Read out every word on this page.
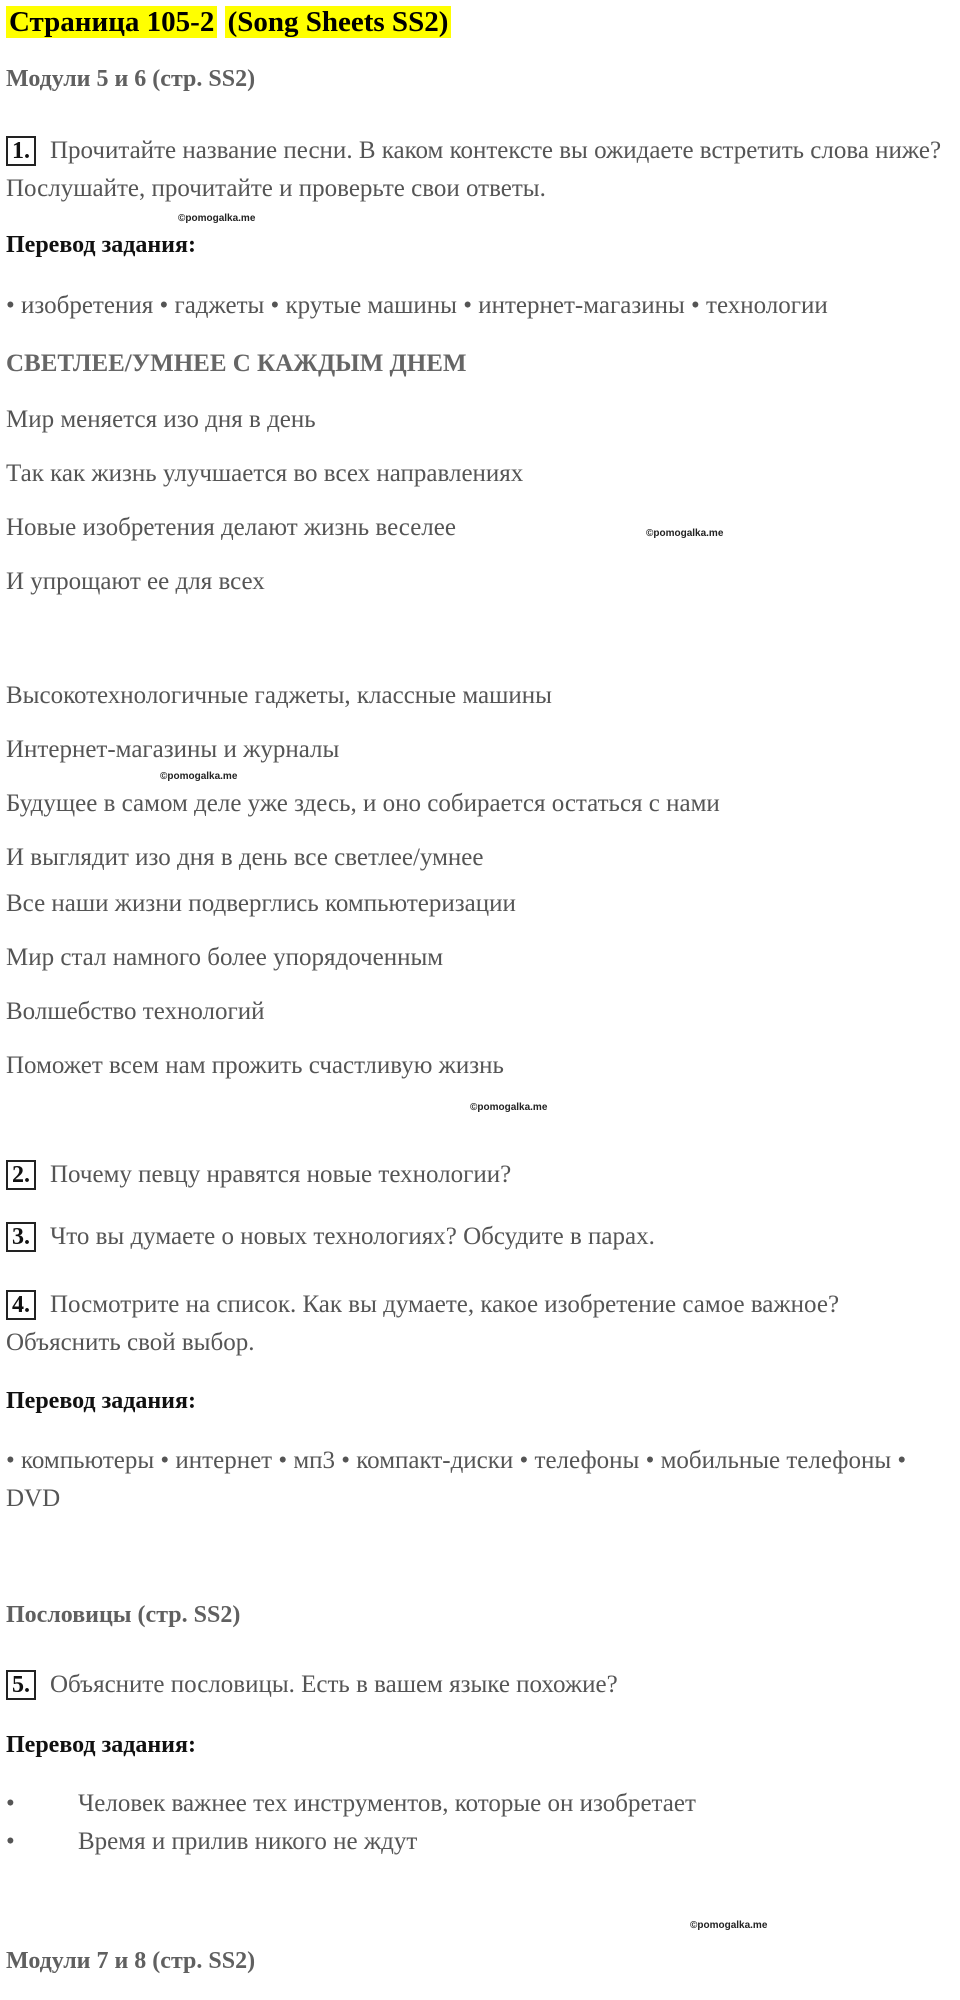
Страница 105-2 (Song Sheets SS2)
Модули 5 и 6 (стр. SS2)
1. Прочитайте название песни. В каком контексте вы ожидаете встретить слова ниже? Послушайте, прочитайте и проверьте свои ответы.
©pomogalka.me
Перевод задания:
• изобретения • гаджеты • крутые машины • интернет-магазины • технологии
СВЕТЛЕЕ/УМНЕЕ С КАЖДЫМ ДНЕМ
Мир меняется изо дня в день
Так как жизнь улучшается во всех направлениях
Новые изобретения делают жизнь веселее	©pomogalka.me
И упрощают ее для всех
Высокотехнологичные гаджеты, классные машины
Интернет-магазины и журналы
©pomogalka.me
Будущее в самом деле уже здесь, и оно собирается остаться с нами
И выглядит изо дня в день все светлее/умнее
Все наши жизни подверглись компьютеризации
Мир стал намного более упорядоченным
Волшебство технологий
Поможет всем нам прожить счастливую жизнь
©pomogalka.me
2. Почему певцу нравятся новые технологии?
3. Что вы думаете о новых технологиях? Обсудите в парах.
4. Посмотрите на список. Как вы думаете, какое изобретение самое важное? Объяснить свой выбор.
Перевод задания:
• компьютеры • интернет • мп3 • компакт-диски • телефоны • мобильные телефоны • DVD
Пословицы (стр. SS2)
5. Объясните пословицы. Есть в вашем языке похожие?
Перевод задания:
•	Человек важнее тех инструментов, которые он изобретает
•	Время и прилив никого не ждут
©pomogalka.me
Модули 7 и 8 (стр. SS2)
